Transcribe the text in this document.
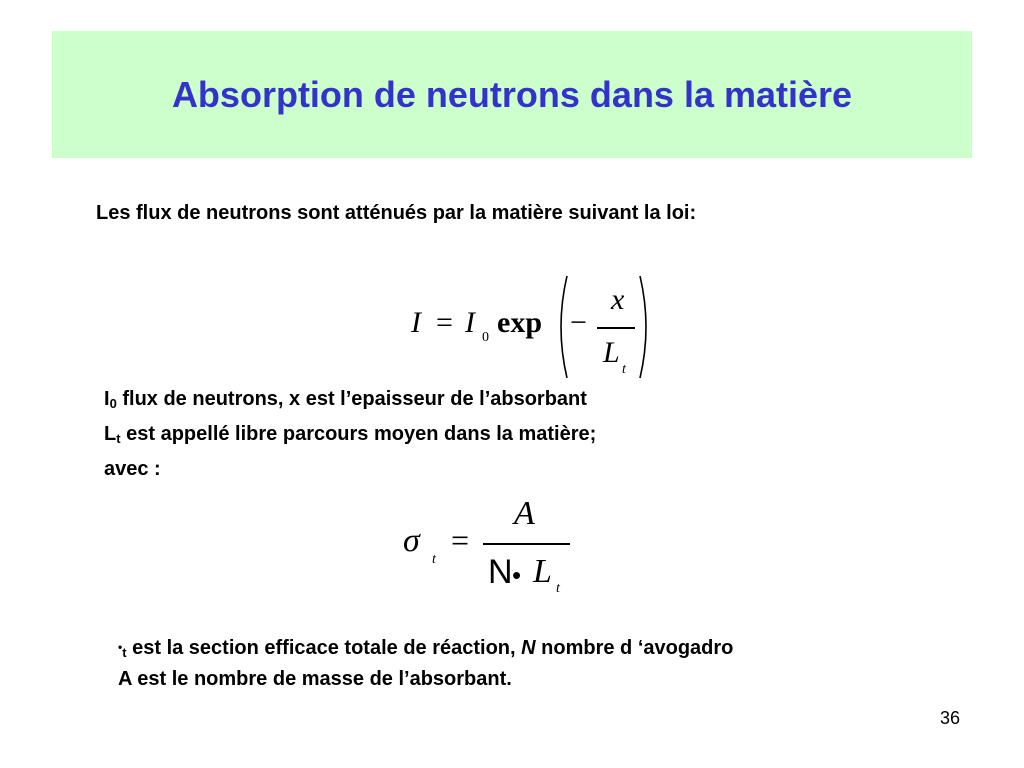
Absorption de neutrons dans la matière
Les flux de neutrons sont atténués par la matière suivant la loi:
I = I 0 exp −
x
L
t
$I_0$ flux de neutrons, x est l’epaisseur de l’absorbant
$L_t$ est appellé libre parcours moyen dans la matière;
avec :
σ
t
=
A
N • L t
$•_t$ est la section efficace totale de réaction, N nombre d ‘avogadro
A est le nombre de masse de l’absorbant.
36
